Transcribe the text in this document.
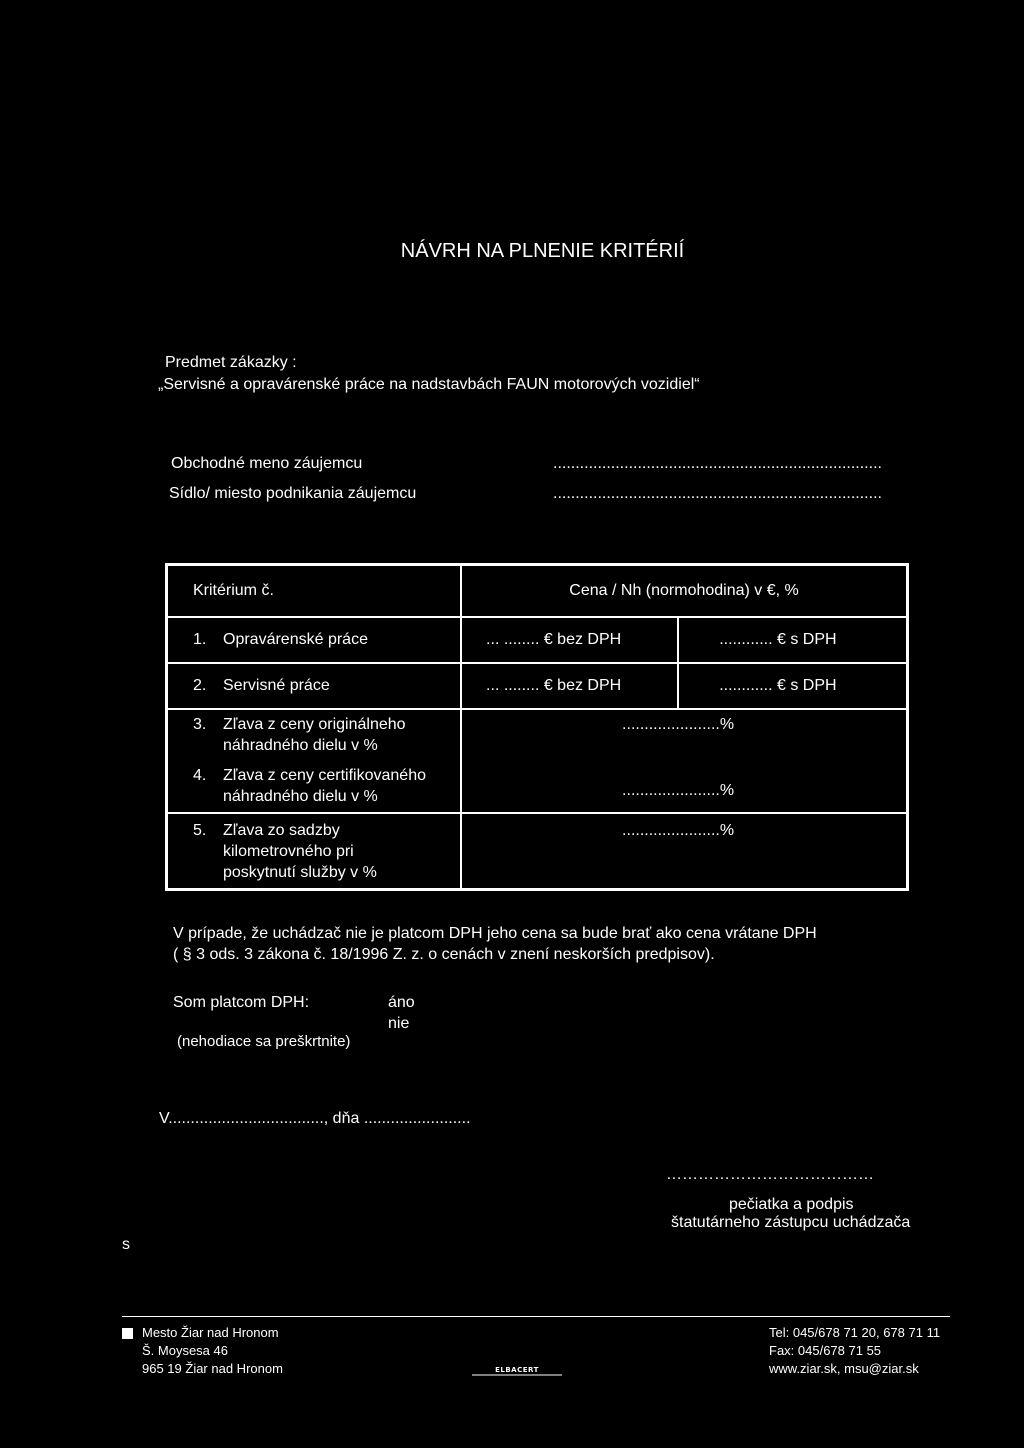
NÁVRH NA PLNENIE KRITÉRIÍ
Predmet zákazky :
„Servisné a opravárenské práce na nadstavbách FAUN motorových vozidiel“
Obchodné meno záujemcu	..........................................................................
Sídlo/ miesto podnikania záujemcu	..........................................................................
Kritérium č.	Cena / Nh (normohodina) v €, %	
1. Opravárenské práce	... ........ € bez DPH	............ € s DPH
2. Servisné práce	... ........ € bez DPH	............ € s DPH
3. Zľava z ceny originálneho
náhradného dielu v %	......................%	
4. Zľava z ceny certifikovaného
náhradného dielu v %	......................%	
5. Zľava zo sadzby
kilometrovného pri
poskytnutí služby v %	......................%	
V prípade, že uchádzač nie je platcom DPH jeho cena sa bude brať ako cena vrátane DPH
( § 3 ods. 3 zákona č. 18/1996 Z. z. o cenách v znení neskorších predpisov).
Som platcom DPH:	áno
nie
(nehodiace sa preškrtnite)
V..................................., dňa ........................
…………………………………
pečiatka a podpis
štatutárneho zástupcu uchádzača
s
Mesto Žiar nad Hronom
Š. Moysesa 46
965 19 Žiar nad Hronom	ELBACERT
Tel: 045/678 71 20, 678 71 11
Fax: 045/678 71 55
www.ziar.sk, msu@ziar.sk
